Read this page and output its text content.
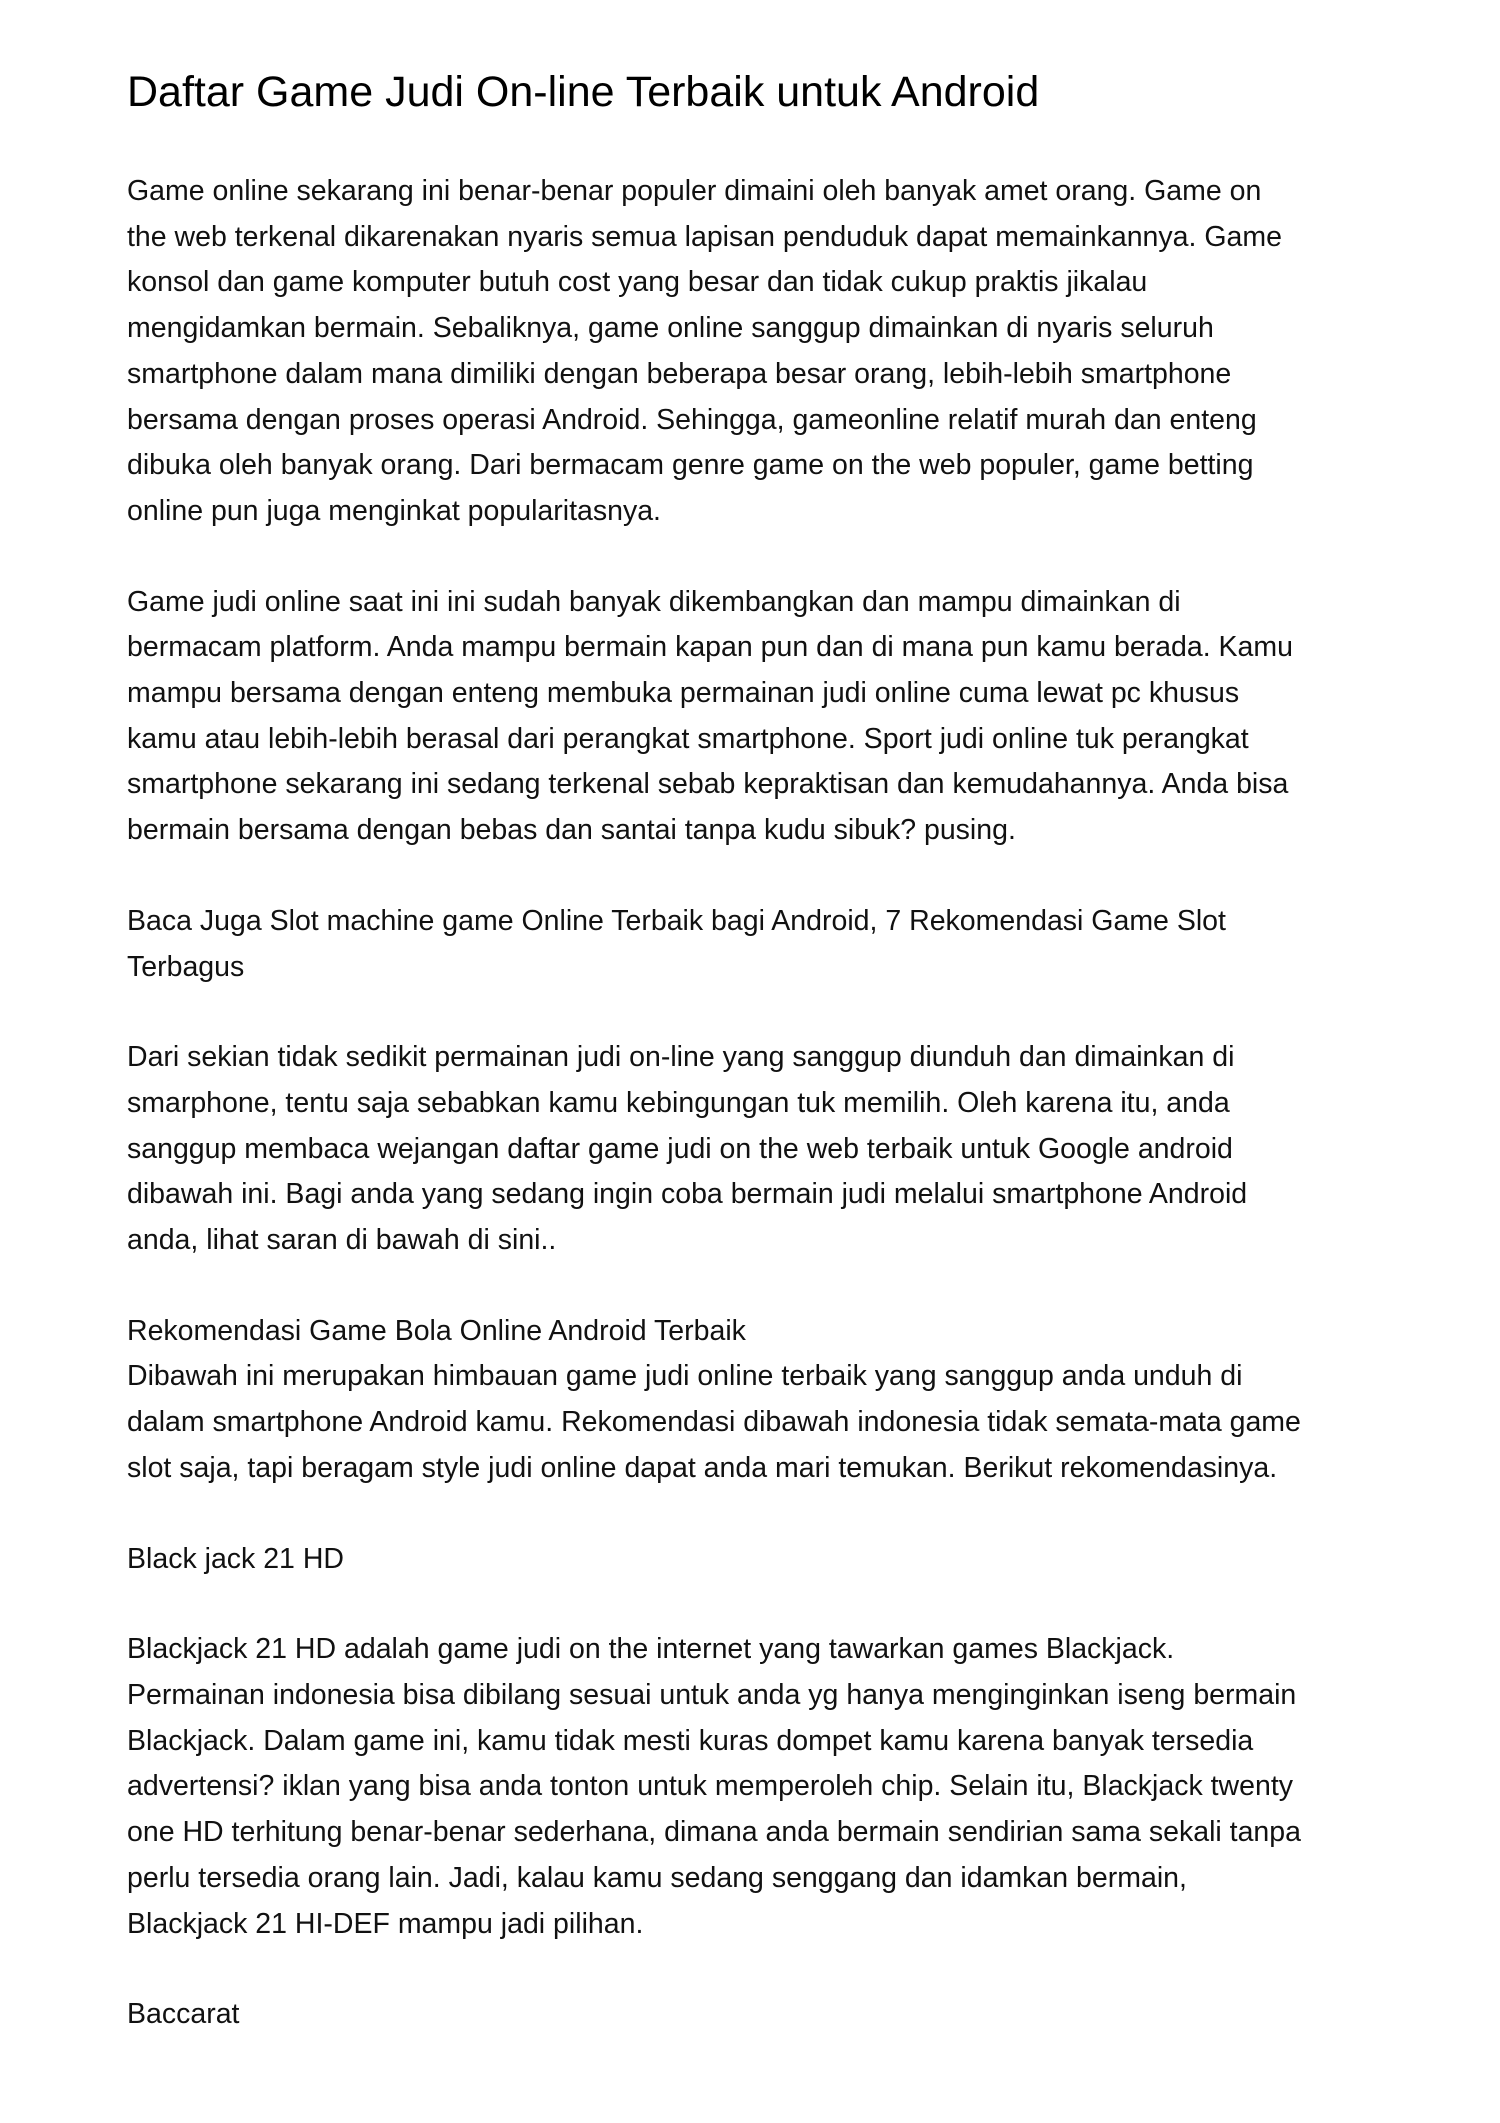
Daftar Game Judi On-line Terbaik untuk Android

Game online sekarang ini benar-benar populer dimaini oleh banyak amet orang. Game on
the web terkenal dikarenakan nyaris semua lapisan penduduk dapat memainkannya. Game
konsol dan game komputer butuh cost yang besar dan tidak cukup praktis jikalau
mengidamkan bermain. Sebaliknya, game online sanggup dimainkan di nyaris seluruh
smartphone dalam mana dimiliki dengan beberapa besar orang, lebih-lebih smartphone
bersama dengan proses operasi Android. Sehingga, gameonline relatif murah dan enteng
dibuka oleh banyak orang. Dari bermacam genre game on the web populer, game betting
online pun juga menginkat popularitasnya.

Game judi online saat ini ini sudah banyak dikembangkan dan mampu dimainkan di
bermacam platform. Anda mampu bermain kapan pun dan di mana pun kamu berada. Kamu
mampu bersama dengan enteng membuka permainan judi online cuma lewat pc khusus
kamu atau lebih-lebih berasal dari perangkat smartphone. Sport judi online tuk perangkat
smartphone sekarang ini sedang terkenal sebab kepraktisan dan kemudahannya. Anda bisa
bermain bersama dengan bebas dan santai tanpa kudu sibuk? pusing.

Baca Juga Slot machine game Online Terbaik bagi Android, 7 Rekomendasi Game Slot
Terbagus

Dari sekian tidak sedikit permainan judi on-line yang sanggup diunduh dan dimainkan di
smarphone, tentu saja sebabkan kamu kebingungan tuk memilih. Oleh karena itu, anda
sanggup membaca wejangan daftar game judi on the web terbaik untuk Google android
dibawah ini. Bagi anda yang sedang ingin coba bermain judi melalui smartphone Android
anda, lihat saran di bawah di sini..

Rekomendasi Game Bola Online Android Terbaik

Dibawah ini merupakan himbauan game judi online terbaik yang sanggup anda unduh di
dalam smartphone Android kamu. Rekomendasi dibawah indonesia tidak semata-mata game
slot saja, tapi beragam style judi online dapat anda mari temukan. Berikut rekomendasinya.

Black jack 21 HD

Blackjack 21 HD adalah game judi on the internet yang tawarkan games Blackjack.
Permainan indonesia bisa dibilang sesuai untuk anda yg hanya menginginkan iseng bermain
Blackjack. Dalam game ini, kamu tidak mesti kuras dompet kamu karena banyak tersedia
advertensi? iklan yang bisa anda tonton untuk memperoleh chip. Selain itu, Blackjack twenty
one HD terhitung benar-benar sederhana, dimana anda bermain sendirian sama sekali tanpa
perlu tersedia orang lain. Jadi, kalau kamu sedang senggang dan idamkan bermain,
Blackjack 21 HI-DEF mampu jadi pilihan.

Baccarat
